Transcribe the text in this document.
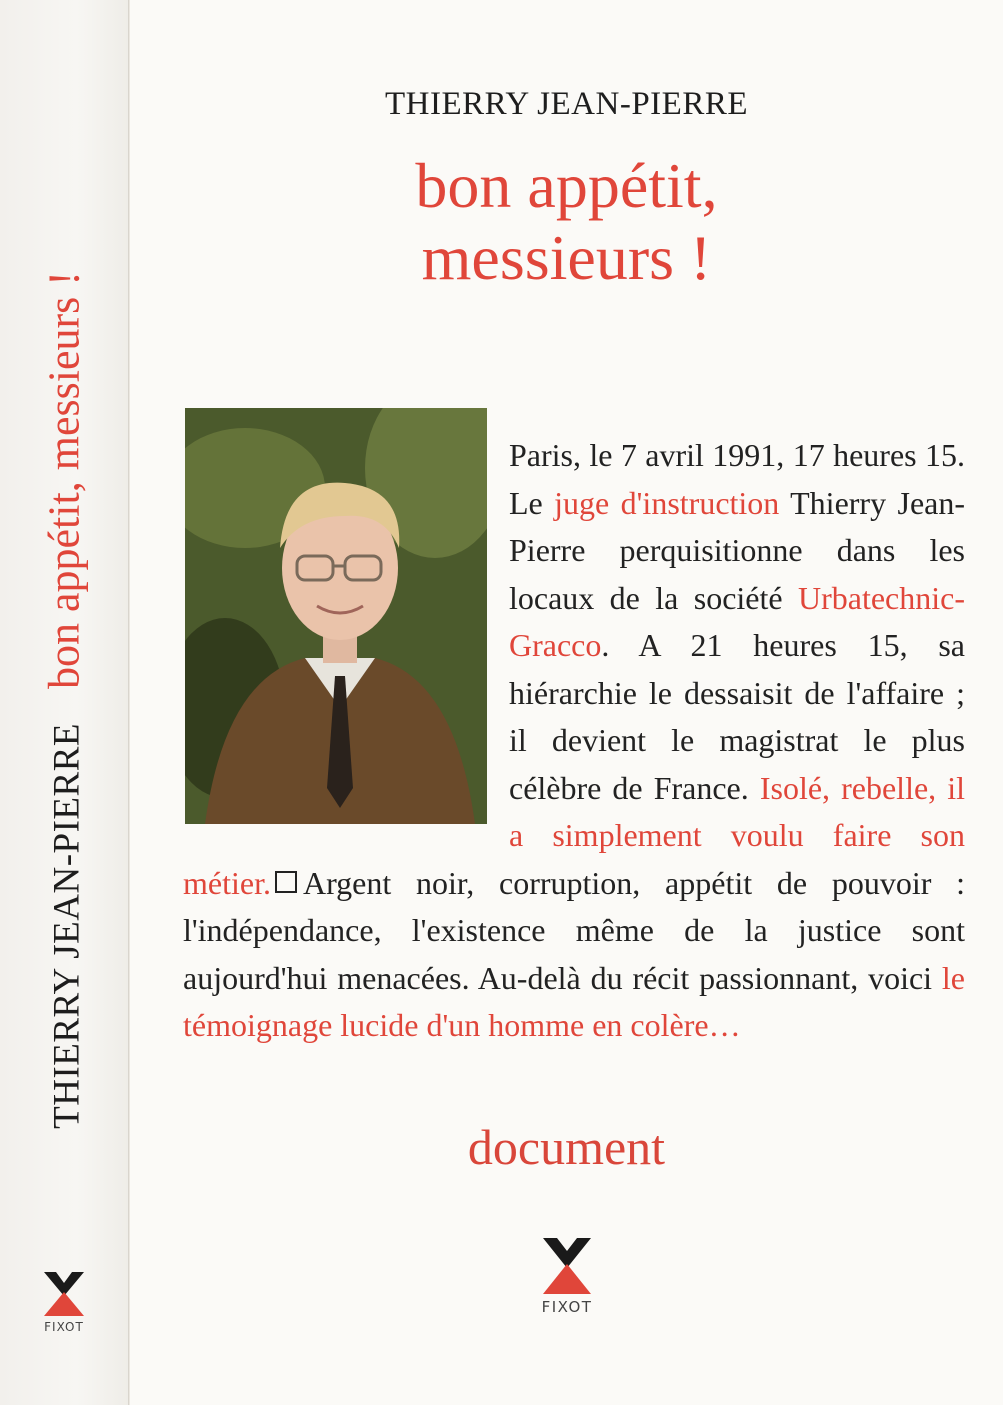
THIERRY JEAN-PIERRE
bon appétit, messieurs !
FIXOT
THIERRY JEAN-PIERRE
bon appétit,
messieurs !

Paris, le 7 avril 1991, 17 heures 15. Le juge d'instruction Thierry Jean-Pierre perquisitionne dans les locaux de la société Urbatechnic-Gracco. A 21 heures 15, sa hiérarchie le dessaisit de l'affaire ; il devient le magistrat le plus célèbre de France. Isolé, rebelle, il a simplement voulu faire son métier. Argent noir, corruption, appétit de pouvoir : l'indépendance, l'existence même de la justice sont aujourd'hui menacées. Au-delà du récit passionnant, voici le témoignage lucide d'un homme en colère…

document
FIXOT
